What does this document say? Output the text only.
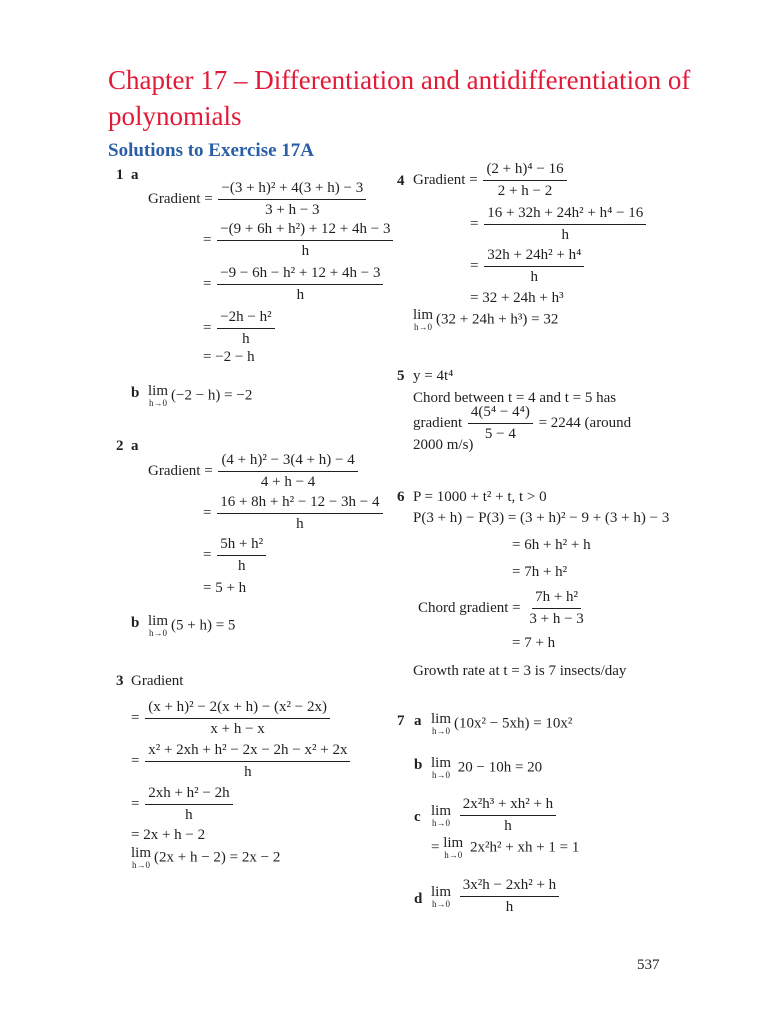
Chapter 17 – Differentiation and antidifferentiation of polynomials
Solutions to Exercise 17A
1 a
Gradient = $\frac{\text{−(3 + h)² + 4(3 + h) − 3}}{3 + h - 3}$
= $\frac{\text{−(9 + 6h + h²) + 12 + 4h − 3}}{h}$
= $\frac{\text{−9 − 6h − h² + 12 + 4h − 3}}{h}$
= $\frac{\text{−2h − h²}}{h}$
= −2 − h
b lim
h→0 (−2 − h) = −2
2 a
Gradient = $\frac{\text{(4 + h)² − 3(4 + h) − 4}}{4 + h - 4}$
= $\frac{\text{16 + 8h + h² − 12 − 3h − 4}}{h}$
= $\frac{\text{5h + h²}}{h}$
= 5 + h
b lim
h→0 (5 + h) = 5
3 Gradient
= $\frac{\text{(x + h)² − 2(x + h) − (x² − 2x)}}{x + h - x}$
= $\frac{\text{x² + 2xh + h² − 2x − 2h − x² + 2x}}{h}$
= $\frac{\text{2xh + h² − 2h}}{h}$
= 2x + h − 2
lim
h→0 (2x + h − 2) = 2x − 2
4 Gradient = $\frac{\text{(2 + h)⁴ − 16}}{2 + h - 2}$
= $\frac{\text{16 + 32h + 24h² + h⁴ − 16}}{h}$
= $\frac{\text{32h + 24h² + h⁴}}{h}$
= 32 + 24h + h³
lim
h→0 (32 + 24h + h³) = 32
5 y = 4t⁴
Chord between t = 4 and t = 5 has
gradient $\frac{\text{4(5⁴ − 4⁴)}}{5 - 4} = 2244$ (around
2000 m/s)
6 P = 1000 + t² + t, t > 0
P(3 + h) − P(3) = (3 + h)² − 9 + (3 + h) − 3
= 6h + h² + h
= 7h + h²
Chord gradient = $\frac{\text{7h + h²}}{3 + h - 3}$
= 7 + h
Growth rate at t = 3 is 7 insects/day
7 a lim
h→0 (10x² − 5xh) = 10x²
b lim
h→0 20 − 10h = 20
c lim
h→0
$\frac{\text{2x²h³ + xh² + h}}{h}$
= lim
h→0 2x²h² + xh + 1 = 1
d lim
h→0
$\frac{\text{3x²h − 2xh² + h}}{h}$
537
